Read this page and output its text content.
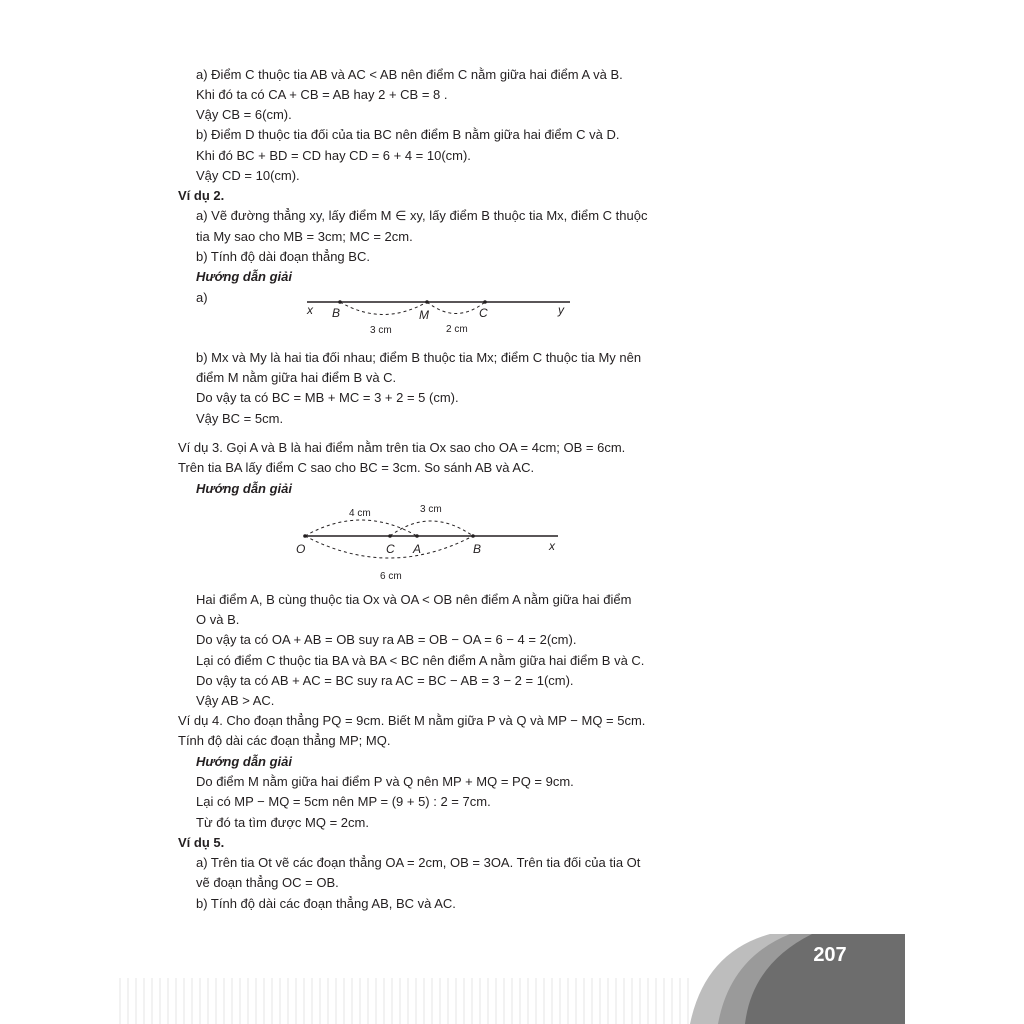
a) Điểm C thuộc tia AB và AC < AB nên điểm C nằm giữa hai điểm A và B.
Khi đó ta có CA + CB = AB hay 2 + CB = 8 .
Vậy CB = 6(cm).
b) Điểm D thuộc tia đối của tia BC nên điểm B nằm giữa hai điểm C và D.
Khi đó BC + BD = CD hay CD = 6 + 4 = 10(cm).
Vậy CD = 10(cm).
Ví dụ 2.
a) Vẽ đường thẳng xy, lấy điểm M ∈ xy, lấy điểm B thuộc tia Mx, điểm C thuộc
tia My sao cho MB = 3cm; MC = 2cm.
b) Tính độ dài đoạn thẳng BC.
Hướng dẫn giải
a)
x B	M	C	y
3 cm	2 cm
b) Mx và My là hai tia đối nhau; điểm B thuộc tia Mx; điểm C thuộc tia My nên
điểm M nằm giữa hai điểm B và C.
Do vậy ta có BC = MB + MC = 3 + 2 = 5 (cm).
Vậy BC = 5cm.
Ví dụ 3. Gọi A và B là hai điểm nằm trên tia Ox sao cho OA = 4cm; OB = 6cm.
Trên tia BA lấy điểm C sao cho BC = 3cm. So sánh AB và AC.
Hướng dẫn giải
O	C A	B	x
4 cm	3 cm
6 cm
Hai điểm A, B cùng thuộc tia Ox và OA < OB nên điểm A nằm giữa hai điểm
O và B.
Do vậy ta có OA + AB = OB suy ra AB = OB − OA = 6 − 4 = 2(cm).
Lại có điểm C thuộc tia BA và BA < BC nên điểm A nằm giữa hai điểm B và C.
Do vậy ta có AB + AC = BC suy ra AC = BC − AB = 3 − 2 = 1(cm).
Vậy AB > AC.
Ví dụ 4. Cho đoạn thẳng PQ = 9cm. Biết M nằm giữa P và Q và MP − MQ = 5cm.
Tính độ dài các đoạn thẳng MP; MQ.
Hướng dẫn giải
Do điểm M nằm giữa hai điểm P và Q nên MP + MQ = PQ = 9cm.
Lại có MP − MQ = 5cm nên MP = (9 + 5) : 2 = 7cm.
Từ đó ta tìm được MQ = 2cm.
Ví dụ 5.
a) Trên tia Ot vẽ các đoạn thẳng OA = 2cm, OB = 3OA. Trên tia đối của tia Ot
vẽ đoạn thẳng OC = OB.
b) Tính độ dài các đoạn thẳng AB, BC và AC.
207
